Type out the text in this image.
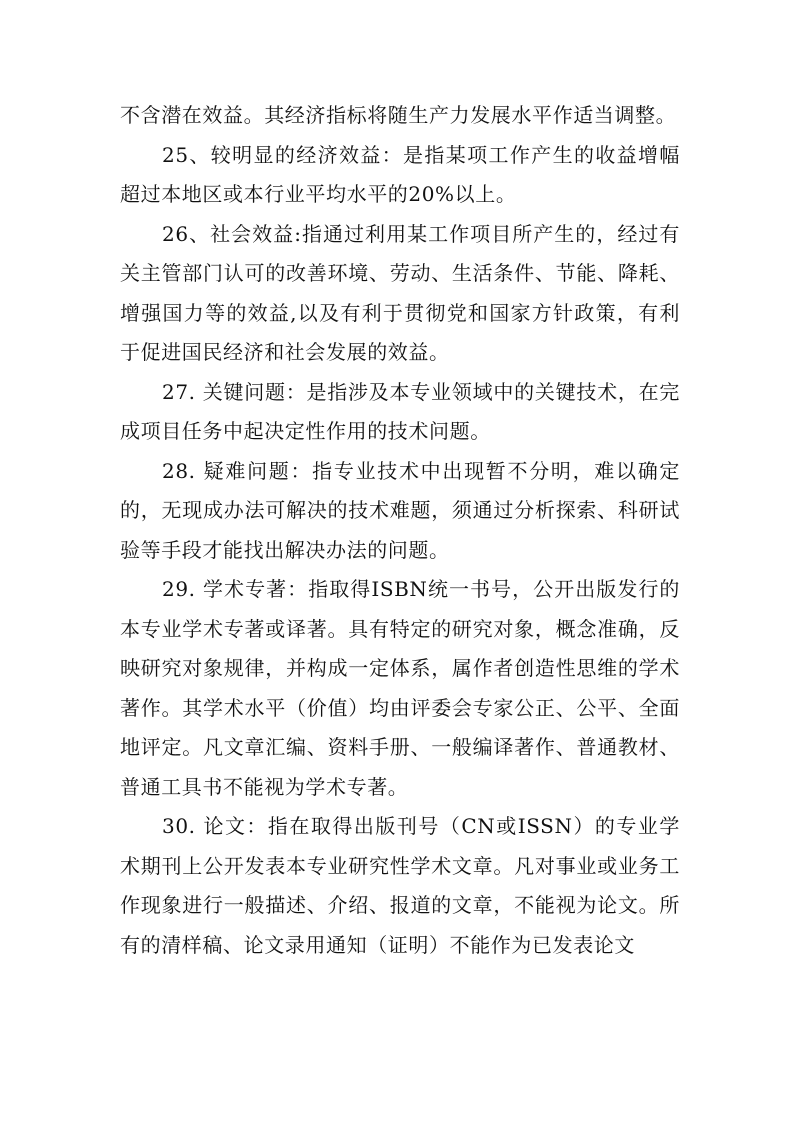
不含潜在效益。其经济指标将随生产力发展水平作适当调整。

25、较明显的经济效益：是指某项工作产生的收益增幅超过本地区或本行业平均水平的20%以上。

26、社会效益:指通过利用某工作项目所产生的，经过有关主管部门认可的改善环境、劳动、生活条件、节能、降耗、增强国力等的效益,以及有利于贯彻党和国家方针政策，有利于促进国民经济和社会发展的效益。

27. 关键问题：是指涉及本专业领域中的关键技术，在完成项目任务中起决定性作用的技术问题。

28. 疑难问题：指专业技术中出现暂不分明，难以确定的，无现成办法可解决的技术难题，须通过分析探索、科研试验等手段才能找出解决办法的问题。

29. 学术专著：指取得ISBN统一书号，公开出版发行的本专业学术专著或译著。具有特定的研究对象，概念准确，反映研究对象规律，并构成一定体系，属作者创造性思维的学术著作。其学术水平（价值）均由评委会专家公正、公平、全面地评定。凡文章汇编、资料手册、一般编译著作、普通教材、普通工具书不能视为学术专著。

30. 论文：指在取得出版刊号（CN或ISSN）的专业学术期刊上公开发表本专业研究性学术文章。凡对事业或业务工作现象进行一般描述、介绍、报道的文章，不能视为论文。所有的清样稿、论文录用通知（证明）不能作为已发表论文
